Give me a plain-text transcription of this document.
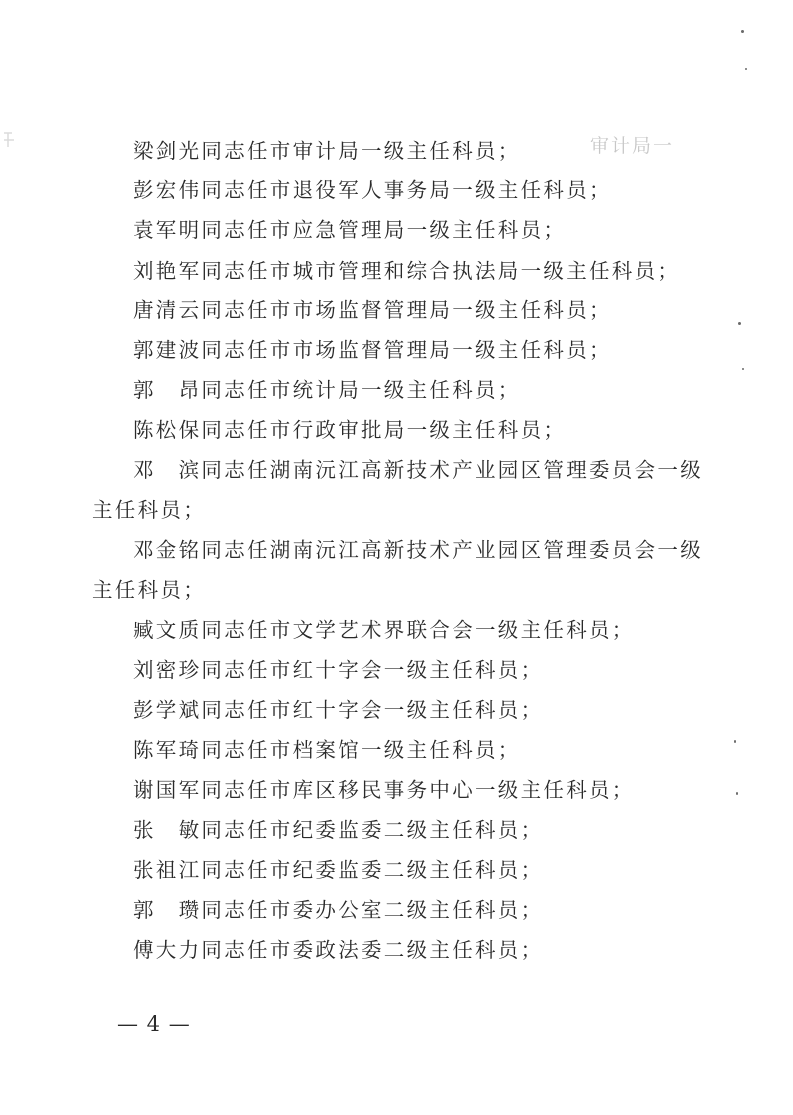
审计局一
梁剑光同志任市审计局一级主任科员；
彭宏伟同志任市退役军人事务局一级主任科员；
袁军明同志任市应急管理局一级主任科员；
刘艳军同志任市城市管理和综合执法局一级主任科员；
唐清云同志任市市场监督管理局一级主任科员；
郭建波同志任市市场监督管理局一级主任科员；
郭　昂同志任市统计局一级主任科员；
陈松保同志任市行政审批局一级主任科员；
邓　滨同志任湖南沅江高新技术产业园区管理委员会一级
主任科员；
邓金铭同志任湖南沅江高新技术产业园区管理委员会一级
主任科员；
臧文质同志任市文学艺术界联合会一级主任科员；
刘密珍同志任市红十字会一级主任科员；
彭学斌同志任市红十字会一级主任科员；
陈军琦同志任市档案馆一级主任科员；
谢国军同志任市库区移民事务中心一级主任科员；
张　敏同志任市纪委监委二级主任科员；
张祖江同志任市纪委监委二级主任科员；
郭　瓒同志任市委办公室二级主任科员；
傅大力同志任市委政法委二级主任科员；
— 4 —
